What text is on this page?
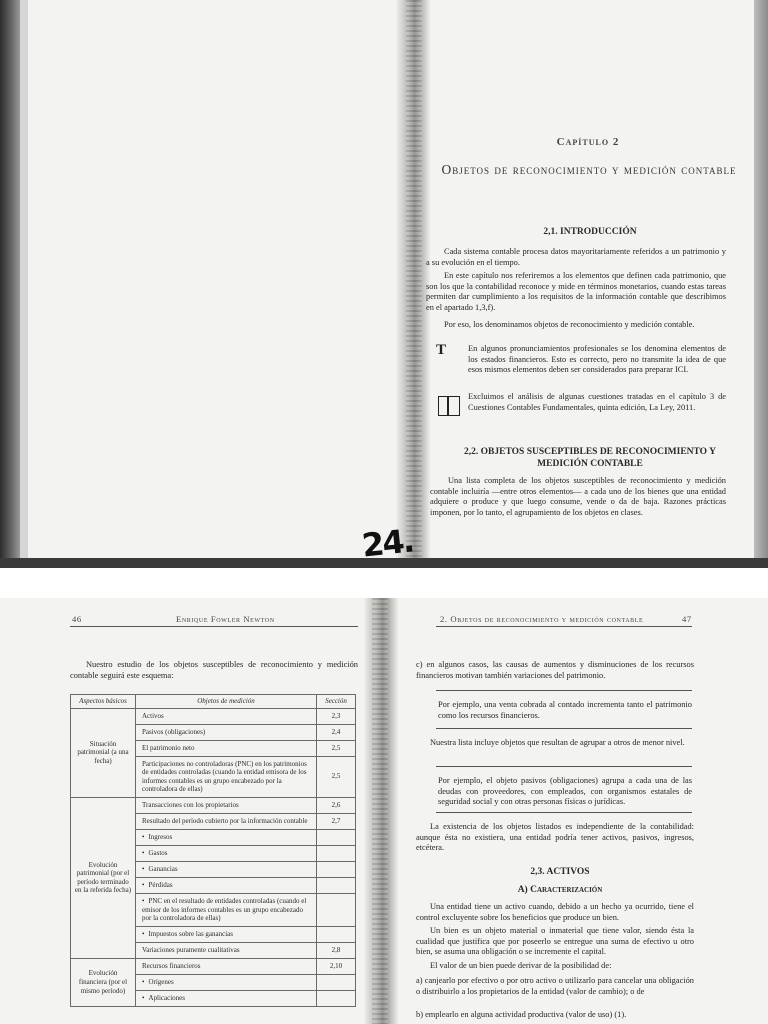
Capítulo 2
Objetos de reconocimiento y medición contable
2,1. INTRODUCCIÓN
Cada sistema contable procesa datos mayoritariamente referidos a un patrimonio y a su evolución en el tiempo.
En este capítulo nos referiremos a los elementos que definen cada patrimonio, que son los que la contabilidad reconoce y mide en términos monetarios, cuando estas tareas permiten dar cumplimiento a los requisitos de la información contable que describimos en el apartado 1,3,f).
Por eso, los denominamos objetos de reconocimiento y medición contable.
T	En algunos pronunciamientos profesionales se los denomina elementos de los estados financieros. Esto es correcto, pero no transmite la idea de que esos mismos elementos deben ser considerados para preparar ICI.
Excluimos el análisis de algunas cuestiones tratadas en el capítulo 3 de Cuestiones Contables Fundamentales, quinta edición, La Ley, 2011.
2,2. OBJETOS SUSCEPTIBLES DE RECONOCIMIENTO Y MEDICIÓN CONTABLE
Una lista completa de los objetos susceptibles de reconocimiento y medición contable incluiría —entre otros elementos— a cada uno de los bienes que una entidad adquiere o produce y que luego consume, vende o da de baja. Razones prácticas imponen, por lo tanto, el agrupamiento de los objetos en clases.
24.
46	Enrique Fowler Newton
Nuestro estudio de los objetos susceptibles de reconocimiento y medición contable seguirá este esquema:
Aspectos básicos	Objetos de medición	Sección
Situación patrimonial (a una fecha)	Activos	2,3

	Pasivos (obligaciones)	2,4

	El patrimonio neto	2,5

	Participaciones no controladoras (PNC) en los patrimonios de entidades controladas (cuando la entidad emisora de los informes contables es un grupo encabezado por la controladora de ellas)	2,5
Evolución patrimonial (por el período terminado en la referida fecha)	Transacciones con los propietarios	2,6

	Resultado del período cubierto por la información contable	2,7

	• Ingresos

	• Gastos

	• Ganancias

	• Pérdidas

	• PNC en el resultado de entidades controladas (cuando el emisor de los informes contables es un grupo encabezado por la controladora de ellas)

	• Impuestos sobre las ganancias

	Variaciones puramente cualitativas	2,8
Evolución financiera (por el mismo período)	Recursos financieros	2,10

	• Orígenes

	• Aplicaciones

2. Objetos de reconocimiento y medición contable	47
c) en algunos casos, las causas de aumentos y disminuciones de los recursos financieros motivan también variaciones del patrimonio.
Por ejemplo, una venta cobrada al contado incrementa tanto el patrimonio como los recursos financieros.
Nuestra lista incluye objetos que resultan de agrupar a otros de menor nivel.
Por ejemplo, el objeto pasivos (obligaciones) agrupa a cada una de las deudas con proveedores, con empleados, con organismos estatales de seguridad social y con otras personas físicas o jurídicas.
La existencia de los objetos listados es independiente de la contabilidad: aunque ésta no existiera, una entidad podría tener activos, pasivos, ingresos, etcétera.
2,3. ACTIVOS
A) Caracterización
Una entidad tiene un activo cuando, debido a un hecho ya ocurrido, tiene el control excluyente sobre los beneficios que produce un bien.
Un bien es un objeto material o inmaterial que tiene valor, siendo ésta la cualidad que justifica que por poseerlo se entregue una suma de efectivo u otro bien, se asuma una obligación o se incremente el capital.
El valor de un bien puede derivar de la posibilidad de:
a) canjearlo por efectivo o por otro activo o utilizarlo para cancelar una obligación o distribuirlo a los propietarios de la entidad (valor de cambio); o de
b) emplearlo en alguna actividad productiva (valor de uso) (1).
